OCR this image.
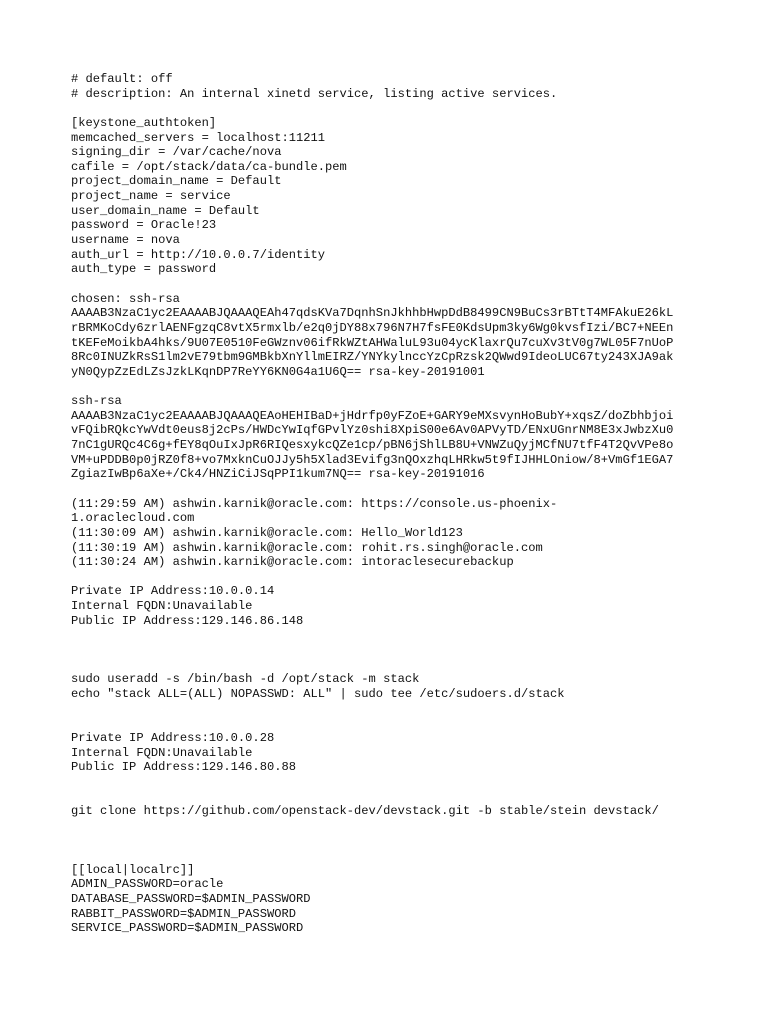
# default: off
# description: An internal xinetd service, listing active services.
[keystone_authtoken]
memcached_servers = localhost:11211
signing_dir = /var/cache/nova
cafile = /opt/stack/data/ca-bundle.pem
project_domain_name = Default
project_name = service
user_domain_name = Default
password = Oracle!23
username = nova
auth_url = http://10.0.0.7/identity
auth_type = password
chosen: ssh-rsa
AAAAB3NzaC1yc2EAAAABJQAAAQEAh47qdsKVa7DqnhSnJkhhbHwpDdB8499CN9BuCs3rBTtT4MFAkuE26kL
rBRMKoCdy6zrlAENFgzqC8vtX5rmxlb/e2q0jDY88x796N7H7fsFE0KdsUpm3ky6Wg0kvsfIzi/BC7+NEEn
tKEFeMoikbA4hks/9U07E0510FeGWznv06ifRkWZtAHWaluL93u04ycKlaxrQu7cuXv3tV0g7WL05F7nUoP
8Rc0INUZkRsS1lm2vE79tbm9GMBkbXnYllmEIRZ/YNYkylnccYzCpRzsk2QWwd9IdeoLUC67ty243XJA9ak
yN0QypZzEdLZsJzkLKqnDP7ReYY6KN0G4a1U6Q== rsa-key-20191001
ssh-rsa
AAAAB3NzaC1yc2EAAAABJQAAAQEAoHEHIBaD+jHdrfp0yFZoE+GARY9eMXsvynHoBubY+xqsZ/doZbhbjoi
vFQibRQkcYwVdt0eus8j2cPs/HWDcYwIqfGPvlYz0shi8XpiS00e6Av0APVyTD/ENxUGnrNM8E3xJwbzXu0
7nC1gURQc4C6g+fEY8qOuIxJpR6RIQesxykcQZe1cp/pBN6jShlLB8U+VNWZuQyjMCfNU7tfF4T2QvVPe8o
VM+uPDDB0p0jRZ0f8+vo7MxknCuOJJy5h5Xlad3Evifg3nQOxzhqLHRkw5t9fIJHHLOniow/8+VmGf1EGA7
ZgiazIwBp6aXe+/Ck4/HNZiCiJSqPPI1kum7NQ== rsa-key-20191016
(11:29:59 AM) ashwin.karnik@oracle.com: https://console.us-phoenix-
1.oraclecloud.com
(11:30:09 AM) ashwin.karnik@oracle.com: Hello_World123
(11:30:19 AM) ashwin.karnik@oracle.com: rohit.rs.singh@oracle.com
(11:30:24 AM) ashwin.karnik@oracle.com: intoraclesecurebackup
Private IP Address:10.0.0.14
Internal FQDN:Unavailable
Public IP Address:129.146.86.148
sudo useradd -s /bin/bash -d /opt/stack -m stack
echo "stack ALL=(ALL) NOPASSWD: ALL" | sudo tee /etc/sudoers.d/stack
Private IP Address:10.0.0.28
Internal FQDN:Unavailable
Public IP Address:129.146.80.88
git clone https://github.com/openstack-dev/devstack.git -b stable/stein devstack/
[[local|localrc]]
ADMIN_PASSWORD=oracle
DATABASE_PASSWORD=$ADMIN_PASSWORD
RABBIT_PASSWORD=$ADMIN_PASSWORD
SERVICE_PASSWORD=$ADMIN_PASSWORD
